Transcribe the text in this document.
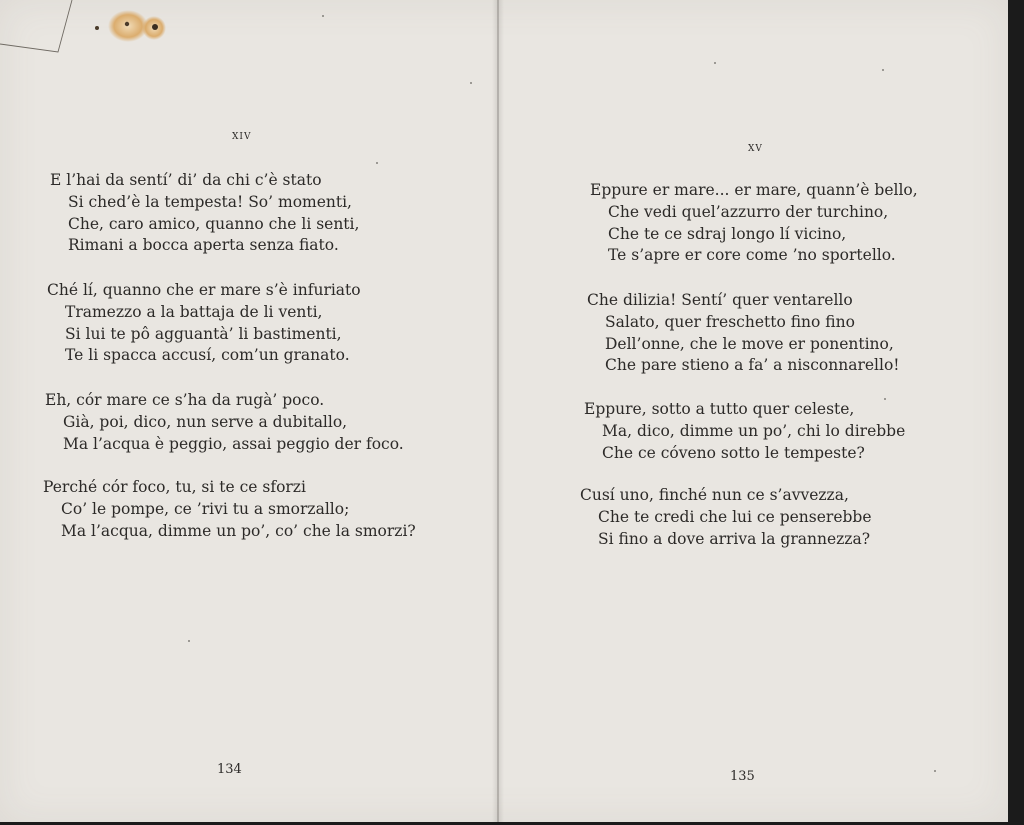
xiv
E l’hai da sentí’ di’ da chi c’è stato
Si ched’è la tempesta! So’ momenti,
Che, caro amico, quanno che li senti,
Rimani a bocca aperta senza fiato.
Ché lí, quanno che er mare s’è infuriato
Tramezzo a la battaja de li venti,
Si lui te pô agguantà’ li bastimenti,
Te li spacca accusí, com’un granato.
Eh, cór mare ce s’ha da rugà’ poco.
Già, poi, dico, nun serve a dubitallo,
Ma l’acqua è peggio, assai peggio der foco.
Perché cór foco, tu, si te ce sforzi
Co’ le pompe, ce ’rivi tu a smorzallo;
Ma l’acqua, dimme un po’, co’ che la smorzi?
134
xv
Eppure er mare... er mare, quann’è bello,
Che vedi quel’azzurro der turchino,
Che te ce sdraj longo lí vicino,
Te s’apre er core come ’no sportello.
Che dilizia! Sentí’ quer ventarello
Salato, quer freschetto fino fino
Dell’onne, che le move er ponentino,
Che pare stieno a fa’ a nisconnarello!
Eppure, sotto a tutto quer celeste,
Ma, dico, dimme un po’, chi lo direbbe
Che ce cóveno sotto le tempeste?
Cusí uno, finché nun ce s’avvezza,
Che te credi che lui ce penserebbe
Si fino a dove arriva la grannezza?
135
